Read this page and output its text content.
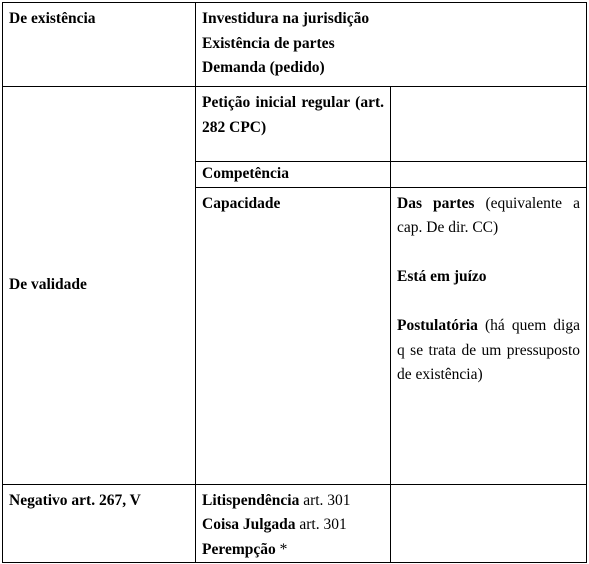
De existência	Investidura na jurisdição
Existência de partes
Demanda (pedido)	

De validade	Petição inicial regular (art. 282 CPC)	
	Competência	
	Capacidade	Das partes (equivalente a cap. De dir. CC)
Está em juízo
Postulatória (há quem diga q se trata de um pressuposto de existência)

Negativo art. 267, V	Litispendência art. 301
Coisa Julgada art. 301
Perempção *	
